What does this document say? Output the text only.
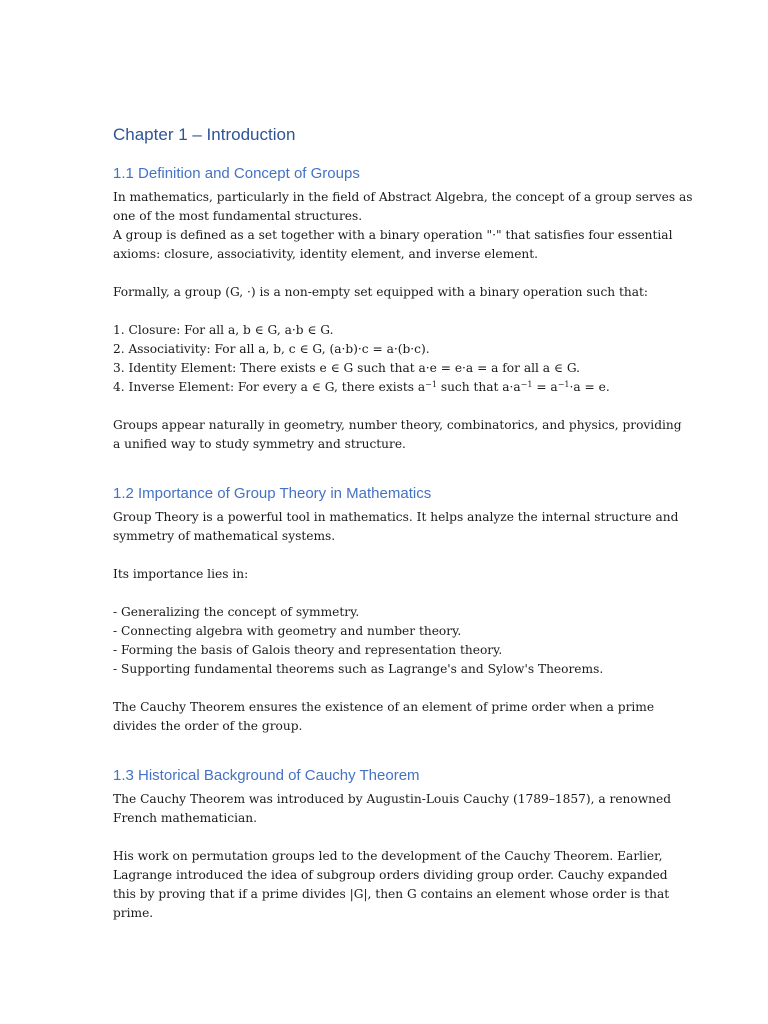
Chapter 1 – Introduction
1.1 Definition and Concept of Groups
In mathematics, particularly in the field of Abstract Algebra, the concept of a group serves as
one of the most fundamental structures.
A group is defined as a set together with a binary operation "·" that satisfies four essential
axioms: closure, associativity, identity element, and inverse element.
Formally, a group (G, ·) is a non-empty set equipped with a binary operation such that:
1. Closure: For all a, b ∈ G, a·b ∈ G.
2. Associativity: For all a, b, c ∈ G, (a·b)·c = a·(b·c).
3. Identity Element: There exists e ∈ G such that a·e = e·a = a for all a ∈ G.
4. Inverse Element: For every a ∈ G, there exists $a^{-1}$ such that $a\cdot a^{-1} = a^{-1}\cdot a = e$.
Groups appear naturally in geometry, number theory, combinatorics, and physics, providing
a unified way to study symmetry and structure.
1.2 Importance of Group Theory in Mathematics
Group Theory is a powerful tool in mathematics. It helps analyze the internal structure and
symmetry of mathematical systems.
Its importance lies in:
- Generalizing the concept of symmetry.
- Connecting algebra with geometry and number theory.
- Forming the basis of Galois theory and representation theory.
- Supporting fundamental theorems such as Lagrange's and Sylow's Theorems.
The Cauchy Theorem ensures the existence of an element of prime order when a prime
divides the order of the group.
1.3 Historical Background of Cauchy Theorem
The Cauchy Theorem was introduced by Augustin-Louis Cauchy (1789–1857), a renowned
French mathematician.
His work on permutation groups led to the development of the Cauchy Theorem. Earlier,
Lagrange introduced the idea of subgroup orders dividing group order. Cauchy expanded
this by proving that if a prime divides |G|, then G contains an element whose order is that
prime.
